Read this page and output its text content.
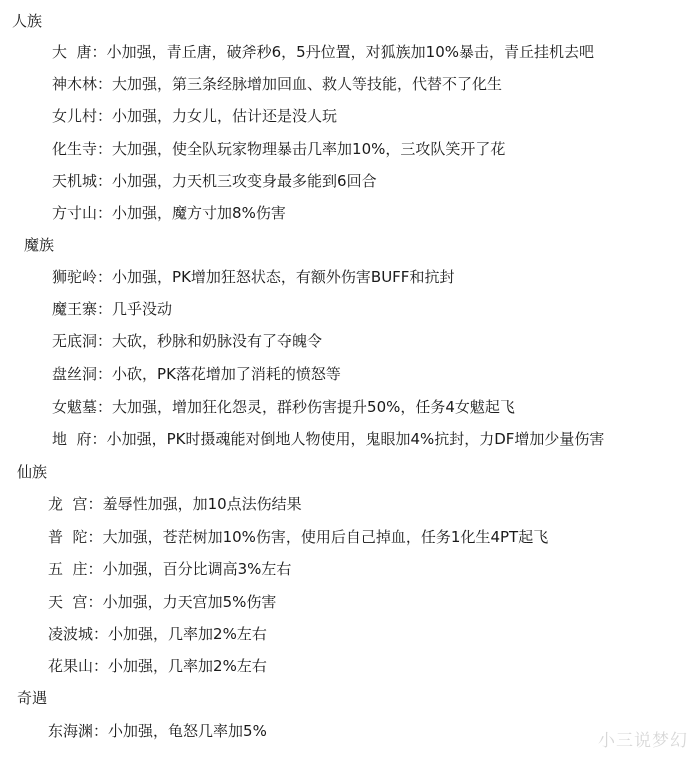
人族
大  唐：小加强，青丘唐，破斧秒6，5丹位置，对狐族加10%暴击，青丘挂机去吧
神木林：大加强，第三条经脉增加回血、救人等技能，代替不了化生
女儿村：小加强，力女儿，估计还是没人玩
化生寺：大加强，使全队玩家物理暴击几率加10%，三攻队笑开了花
天机城：小加强，力天机三攻变身最多能到6回合
方寸山：小加强，魔方寸加8%伤害
魔族
狮驼岭：小加强，PK增加狂怒状态，有额外伤害BUFF和抗封
魔王寨：几乎没动
无底洞：大砍，秒脉和奶脉没有了夺魄令
盘丝洞：小砍，PK落花增加了消耗的愤怒等
女魃墓：大加强，增加狂化怨灵，群秒伤害提升50%，任务4女魃起飞
地  府：小加强，PK时摄魂能对倒地人物使用，鬼眼加4%抗封，力DF增加少量伤害
仙族
龙  宫：羞辱性加强，加10点法伤结果
普  陀：大加强，苍茫树加10%伤害，使用后自己掉血，任务1化生4PT起飞
五  庄：小加强，百分比调高3%左右
天  宫：小加强，力天宫加5%伤害
凌波城：小加强，几率加2%左右
花果山：小加强，几率加2%左右
奇遇
东海渊：小加强，龟怒几率加5%	小三说梦幻
